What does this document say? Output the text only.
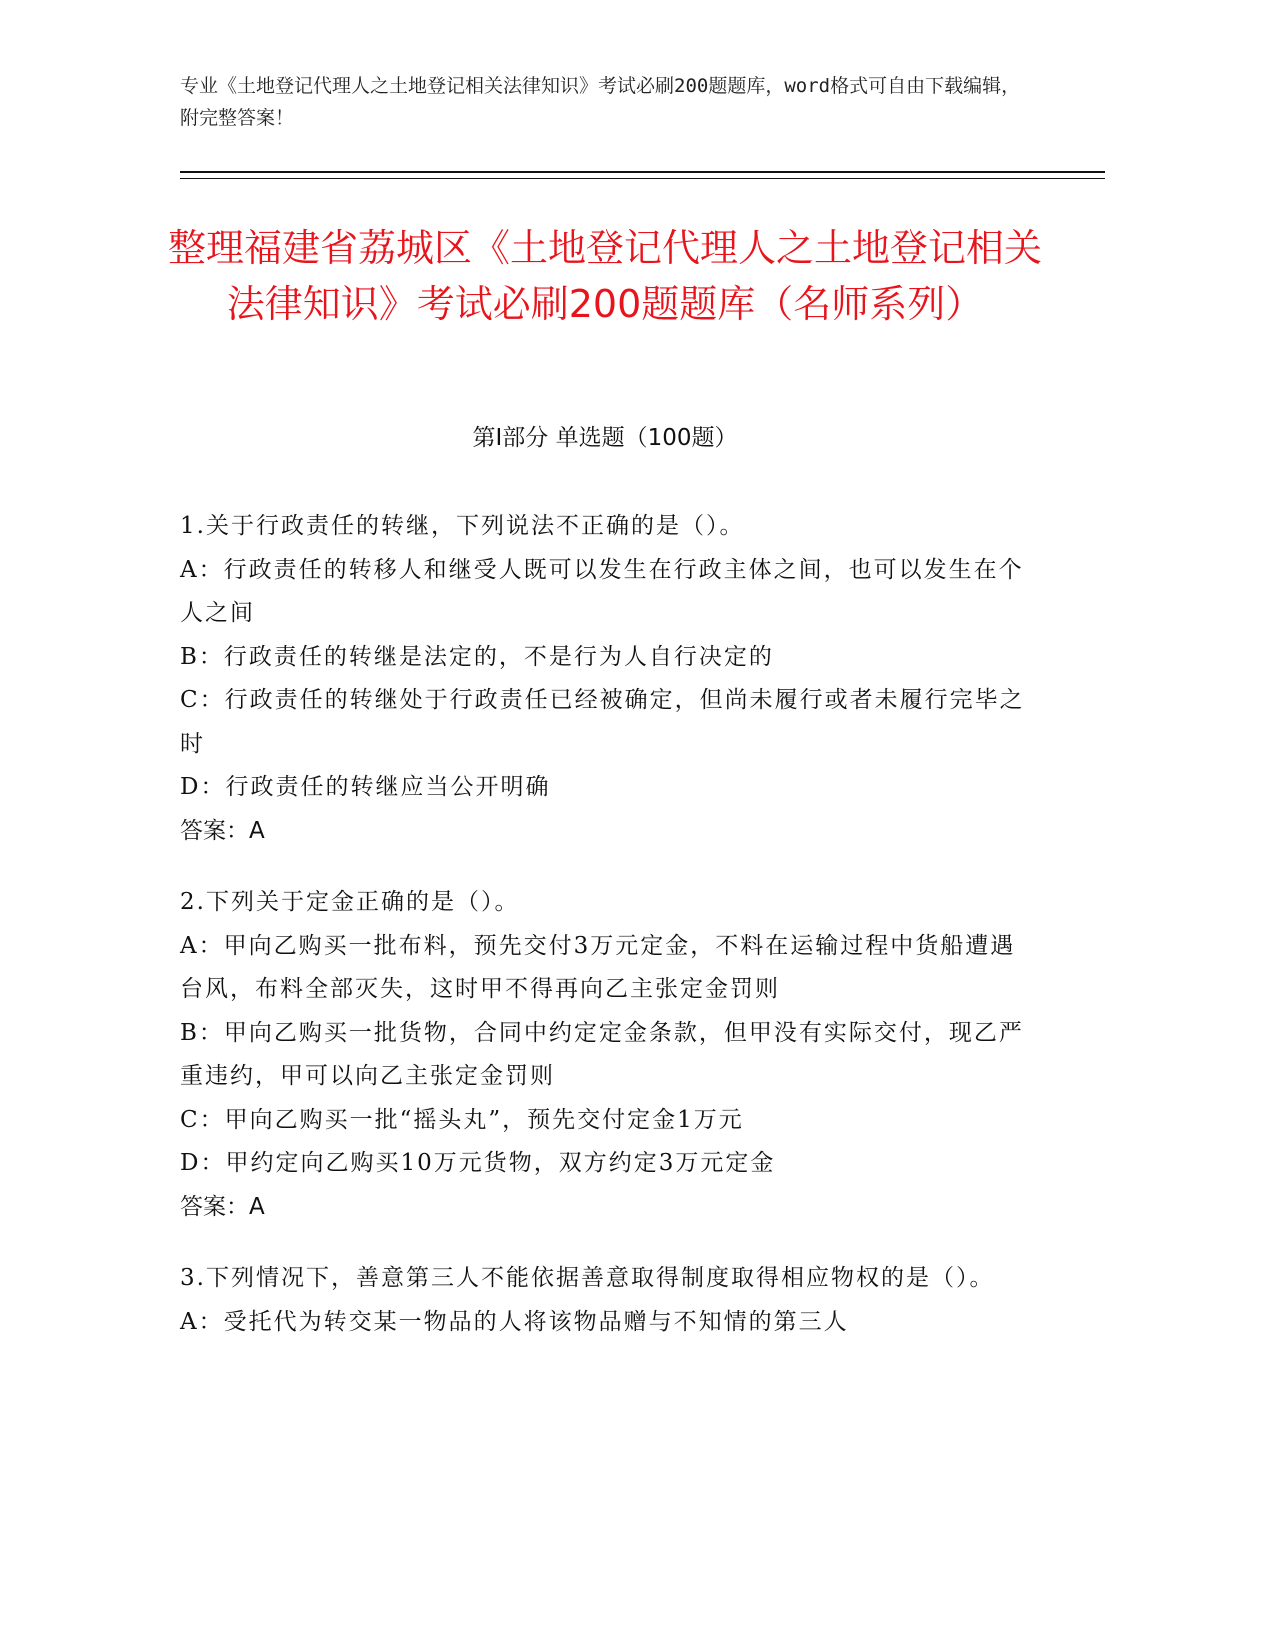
专业《土地登记代理人之土地登记相关法律知识》考试必刷200题题库，word格式可自由下载编辑，附完整答案！
整理福建省荔城区《土地登记代理人之土地登记相关法律知识》考试必刷200题题库（名师系列）
第I部分 单选题（100题）
1.关于行政责任的转继，下列说法不正确的是（）。
A：行政责任的转移人和继受人既可以发生在行政主体之间，也可以发生在个人之间
B：行政责任的转继是法定的，不是行为人自行决定的
C：行政责任的转继处于行政责任已经被确定，但尚未履行或者未履行完毕之时
D：行政责任的转继应当公开明确
答案：A
2.下列关于定金正确的是（）。
A：甲向乙购买一批布料，预先交付3万元定金，不料在运输过程中货船遭遇台风，布料全部灭失，这时甲不得再向乙主张定金罚则
B：甲向乙购买一批货物，合同中约定定金条款，但甲没有实际交付，现乙严重违约，甲可以向乙主张定金罚则
C：甲向乙购买一批“摇头丸”，预先交付定金1万元
D：甲约定向乙购买10万元货物，双方约定3万元定金
答案：A
3.下列情况下，善意第三人不能依据善意取得制度取得相应物权的是（）。
A：受托代为转交某一物品的人将该物品赠与不知情的第三人
